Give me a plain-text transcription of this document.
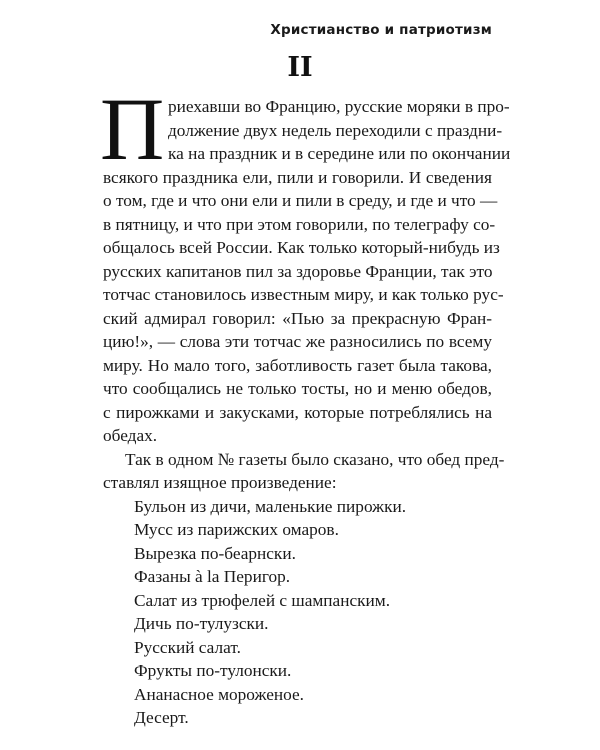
Христианство и патриотизм
II
П риехавши во Францию, русские моряки в про-
должение двух недель переходили с праздни-
ка на праздник и в середине или по окончании
всякого праздника ели, пили и говорили. И сведения
о том, где и что они ели и пили в среду, и где и что —
в пятницу, и что при этом говорили, по телеграфу со-
общалось всей России. Как только который-нибудь из
русских капитанов пил за здоровье Франции, так это
тотчас становилось известным миру, и как только рус-
ский адмирал говорил: «Пью за прекрасную Фран-
цию!», — слова эти тотчас же разносились по всему
миру. Но мало того, заботливость газет была такова,
что сообщались не только тосты, но и меню обедов,
с пирожками и закусками, которые потреблялись на
обедах.
Так в одном № газеты было сказано, что обед пред-
ставлял изящное произведение:
Бульон из дичи, маленькие пирожки.
Мусс из парижских омаров.
Вырезка по-беарнски.
Фазаны à la Перигор.
Салат из трюфелей с шампанским.
Дичь по-тулузски.
Русский салат.
Фрукты по-тулонски.
Ананасное мороженое.
Десерт.
